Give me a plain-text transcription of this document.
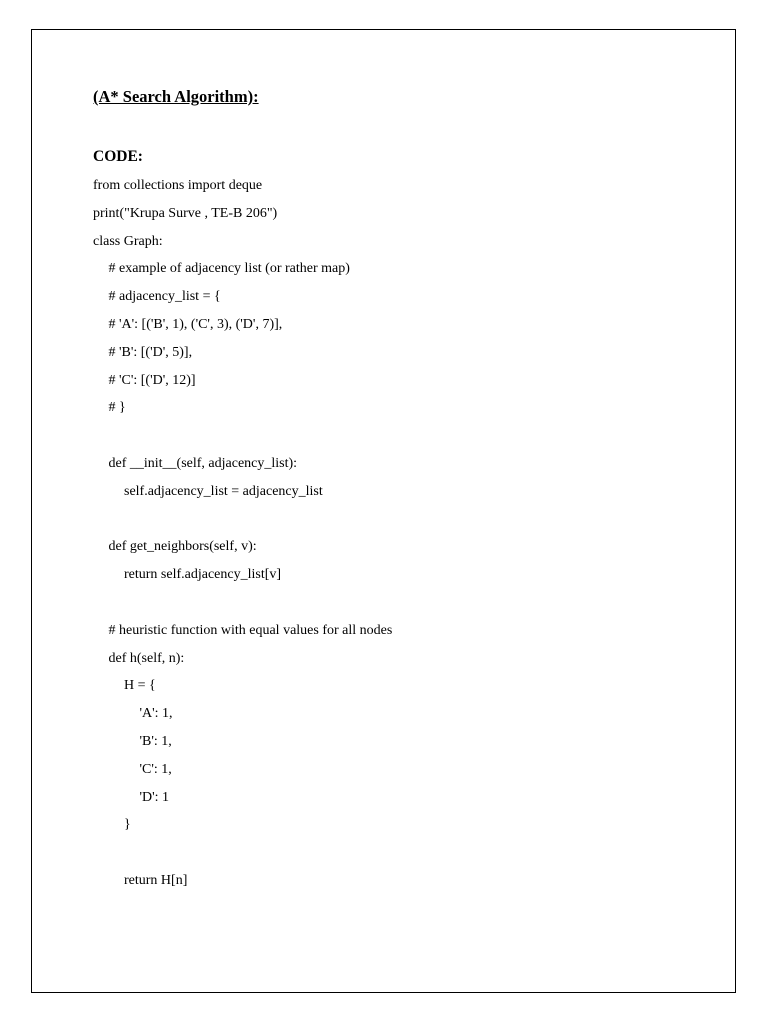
(A* Search Algorithm):
CODE:
from collections import deque
print("Krupa Surve , TE-B 206")
class Graph:
# example of adjacency list (or rather map)
# adjacency_list = {
# 'A': [('B', 1), ('C', 3), ('D', 7)],
# 'B': [('D', 5)],
# 'C': [('D', 12)]
# }
def __init__(self, adjacency_list):
self.adjacency_list = adjacency_list
def get_neighbors(self, v):
return self.adjacency_list[v]
# heuristic function with equal values for all nodes
def h(self, n):
H = {
'A': 1,
'B': 1,
'C': 1,
'D': 1
}
return H[n]
